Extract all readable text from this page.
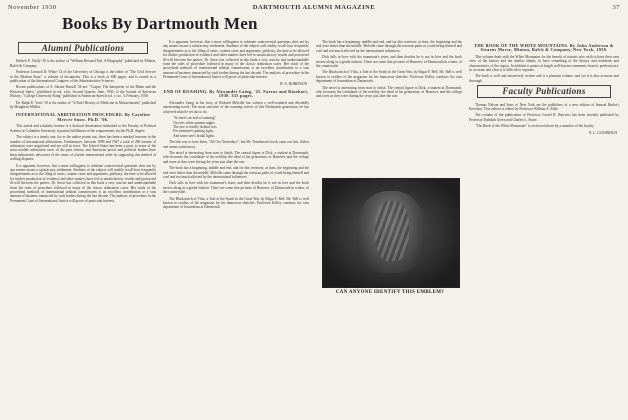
November 1930	DARTMOUTH ALUMNI MAGAZINE	37
Books By Dartmouth Men
Alumni Publications

Herbert E. Duffy '29 is the author of "William Howard Taft, A Biography" published by Minton, Balch & Company.

Professor Leonard D. White '14 of the University of Chicago is the editor of "The Civil Service in the Modern State," a volume of documents. This is a book of 600 pages, and is issued as a publication of the International Congress of the Administrative Sciences.

Recent publications of A. Sloane Russell '26 are: "Casper, The Interpreter of the Rhine and the Historical Index," published in vol. xviii, Second Quarter, June, 1930, of the Journal of American History; "College University Slang" published in American Speech vol. v, no. 3, February, 1930.

Dr. Ralph E. Voris '10 is the author of "A Brief History of Medicine in Massachusetts" published by Houghton Mifflin.

INTERNATIONAL ARBITRATION PROCEDURE. By Caroline Mercer Snow. Ph.D. '06.

This useful and scholarly treatise is a doctoral dissertation submitted to the Faculty of Political Science at Columbia University in partial fulfillment of the requirements for the Ph.D. degree.

The subject is a timely one, for as the author points out, there has been a marked increase in the number of international arbitrations. Furthermore, between 1899 and 1927 a total of 286 treaties of arbitration were negotiated and are still in force. The United States has been a party to some of the most notable arbitration cases of the past century and American jurists and political leaders have been enthusiastic advocates of the cause of a better international order by supporting this method of settling disputes.

It is apparent, however, that a more willingness to arbitrate controversial questions does not by any means assure a satisfactory settlement. Students of the subject will readily recall how frequently disagreements as to the filing of cases, counter cases and arguments, publicity, the time to be allowed for further production of evidence and other matters have led to unsatisfactory results and protracted ill-will between the parties. Dr. Snow has collected in this book a very concise and understandable form the rules of procedure followed in many of the classic arbitration cases. Her study of the procedural methods of international arbitral commissions is an excellent contribution to a vast amount of business transacted by such bodies during the last decade. The analysis of procedure in the Permanent Court of International Justice will prove of particular interest.

It is apparent, however, that a more willingness to arbitrate controversial questions does not by any means assure a satisfactory settlement. Students of the subject will readily recall how frequently disagreements as to the filing of cases, counter cases and arguments, publicity, the time to be allowed for further production of evidence and other matters have led to unsatisfactory results and protracted ill-will between the parties. Dr. Snow has collected in this book a very concise and understandable form the rules of procedure followed in many of the classic arbitration cases. Her study of the procedural methods of international arbitral commissions is an excellent contribution to a vast amount of business transacted by such bodies during the last decade. The analysis of procedure in the Permanent Court of International Justice will prove of particular interest.

W. A. ROBINSON
END OF ROAMING. By Alexander Laing, '25. Farrar and Rinehart, 1930. 335 pages.

Alexander Laing in his story of Richard Melville has written a well-rounded and decidedly entertaining novel. The most sensitive of the roaming writers of this Dartmouth generation, he has achieved what he set out to do.

"So here's an end of roaming"
On eves when autumn nights
The one to fondly fashion loss
For someone's parting sighs,
And some one's bridal lights.

The title was to have been, "All Our Yesterdays"; but Mr. Tomlinson's book came out first. Either one seems satisfactory.

The novel is interesting from start to finish. The central figure is Dick, a student at Dartmouth, who becomes the confidante of the nobility, the ideal of his generation, of Hanover, and the college and town as they were during the years just after the war.

The book has a beginning, middle and end, and for this reviewer, at least, the beginning and the end were better than the middle. Melville came through the tortuous paths of youth being himself and cool and not much affected by the international influences.

Dick falls in love with his roommate's sister, and then decides he is not in love and the book moves along in a gentle fashion. There are some fine pictures of Hanover, of Dartmouth in winter, of the countryside.

The Blackwatch of Vilas, a Tale of the South in the Great War, by Edgar F. Bell. Mr. Bell is well known to readers of the magazine for his humorous sketches. Professor Kelley conducts his own department of Journalism at Dartmouth.

The book has a beginning, middle and end, and for this reviewer, at least, the beginning and the end were better than the middle. Melville came through the tortuous paths of youth being himself and cool and not much affected by the international influences.

Dick falls in love with his roommate's sister, and then decides he is not in love and the book moves along in a gentle fashion. There are some fine pictures of Hanover, of Dartmouth in winter, of the countryside.

The Blackwatch of Vilas, a Tale of the South in the Great War, by Edgar F. Bell. Mr. Bell is well known to readers of the magazine for his humorous sketches. Professor Kelley conducts his own department of Journalism at Dartmouth.

The novel is interesting from start to finish. The central figure is Dick, a student at Dartmouth, who becomes the confidante of the nobility, the ideal of his generation, of Hanover, and the college and town as they were during the years just after the war.

CAN ANYONE IDENTIFY THIS EMBLEM?
THE BOOK OF THE WHITE MOUNTAINS. By John Anderson & Stearns Morse, Minton, Balch & Company, New York, 1930.

This volume deals with the White Mountains for the benefit of tourists who wish to have their own view of the history and the similar climbs, to have something of the history and traditions and characteristics of the region. In addition it quotes at length well-known comments from its predecessors, so accurate and clear it is difficult to separate.

The book is well and attractively written and is a pleasant volume, and yet it is also accurate and thorough.

Faculty Publications

Thomas Nelson and Sons of New York are the publishers of a new edition of Samuel Butler's Erewhon. This edition is edited by Professor William A. Eddy.

The volume of the publication of Professor Lionel R. Burrows has been recently published by Professor Rudolph Green and Charles L. Stone.

"The Book of the White Mountains" is reviewed above by a member of the faculty.

N. L. GOODRICH
